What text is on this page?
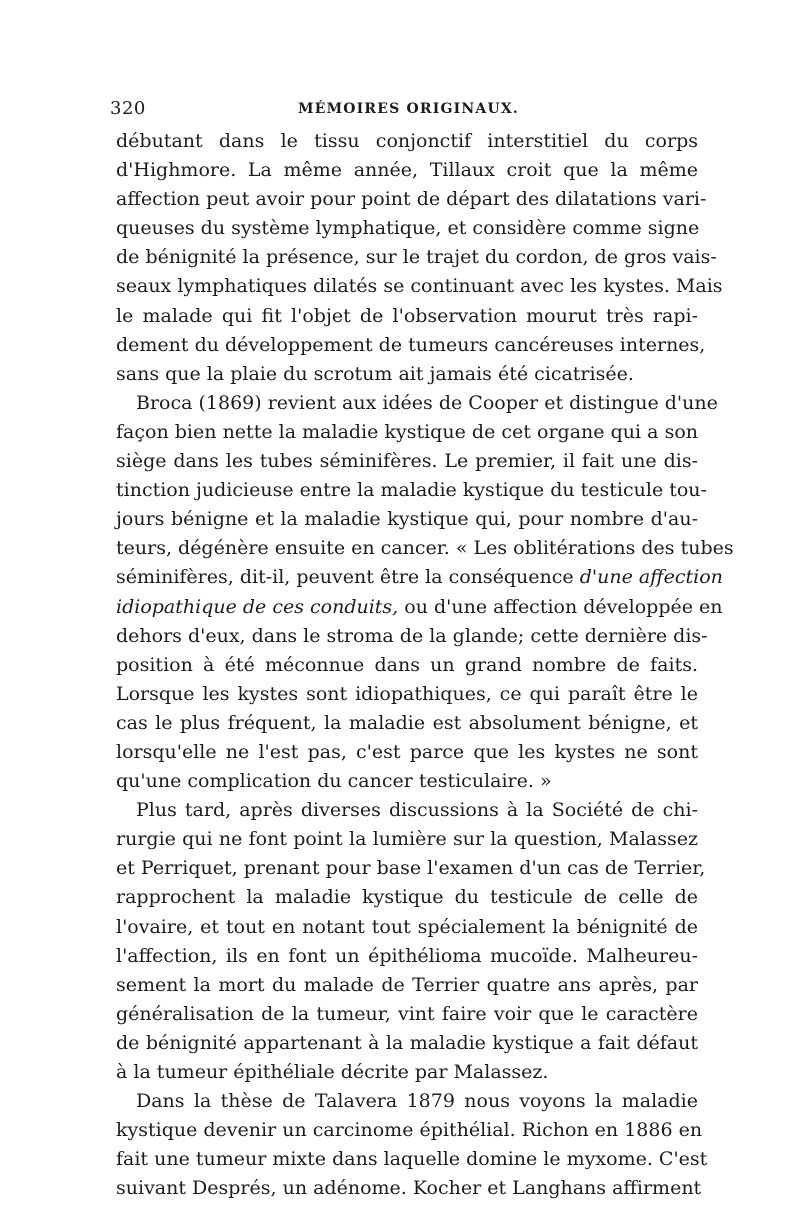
320	MÉMOIRES ORIGINAUX.
débutant dans le tissu conjonctif interstitiel du corps
d'Highmore. La même année, Tillaux croit que la même
affection peut avoir pour point de départ des dilatations vari-
queuses du système lymphatique, et considère comme signe
de bénignité la présence, sur le trajet du cordon, de gros vais-
seaux lymphatiques dilatés se continuant avec les kystes. Mais
le malade qui fit l'objet de l'observation mourut très rapi-
dement du développement de tumeurs cancéreuses internes,
sans que la plaie du scrotum ait jamais été cicatrisée.
Broca (1869) revient aux idées de Cooper et distingue d'une
façon bien nette la maladie kystique de cet organe qui a son
siège dans les tubes séminifères. Le premier, il fait une dis-
tinction judicieuse entre la maladie kystique du testicule tou-
jours bénigne et la maladie kystique qui, pour nombre d'au-
teurs, dégénère ensuite en cancer. « Les oblitérations des tubes
séminifères, dit-il, peuvent être la conséquence d'une affection
idiopathique de ces conduits, ou d'une affection développée en
dehors d'eux, dans le stroma de la glande; cette dernière dis-
position à été méconnue dans un grand nombre de faits.
Lorsque les kystes sont idiopathiques, ce qui paraît être le
cas le plus fréquent, la maladie est absolument bénigne, et
lorsqu'elle ne l'est pas, c'est parce que les kystes ne sont
qu'une complication du cancer testiculaire. »
Plus tard, après diverses discussions à la Société de chi-
rurgie qui ne font point la lumière sur la question, Malassez
et Perriquet, prenant pour base l'examen d'un cas de Terrier,
rapprochent la maladie kystique du testicule de celle de
l'ovaire, et tout en notant tout spécialement la bénignité de
l'affection, ils en font un épithélioma mucoïde. Malheureu-
sement la mort du malade de Terrier quatre ans après, par
généralisation de la tumeur, vint faire voir que le caractère
de bénignité appartenant à la maladie kystique a fait défaut
à la tumeur épithéliale décrite par Malassez.
Dans la thèse de Talavera 1879 nous voyons la maladie
kystique devenir un carcinome épithélial. Richon en 1886 en
fait une tumeur mixte dans laquelle domine le myxome. C'est
suivant Després, un adénome. Kocher et Langhans affirment
